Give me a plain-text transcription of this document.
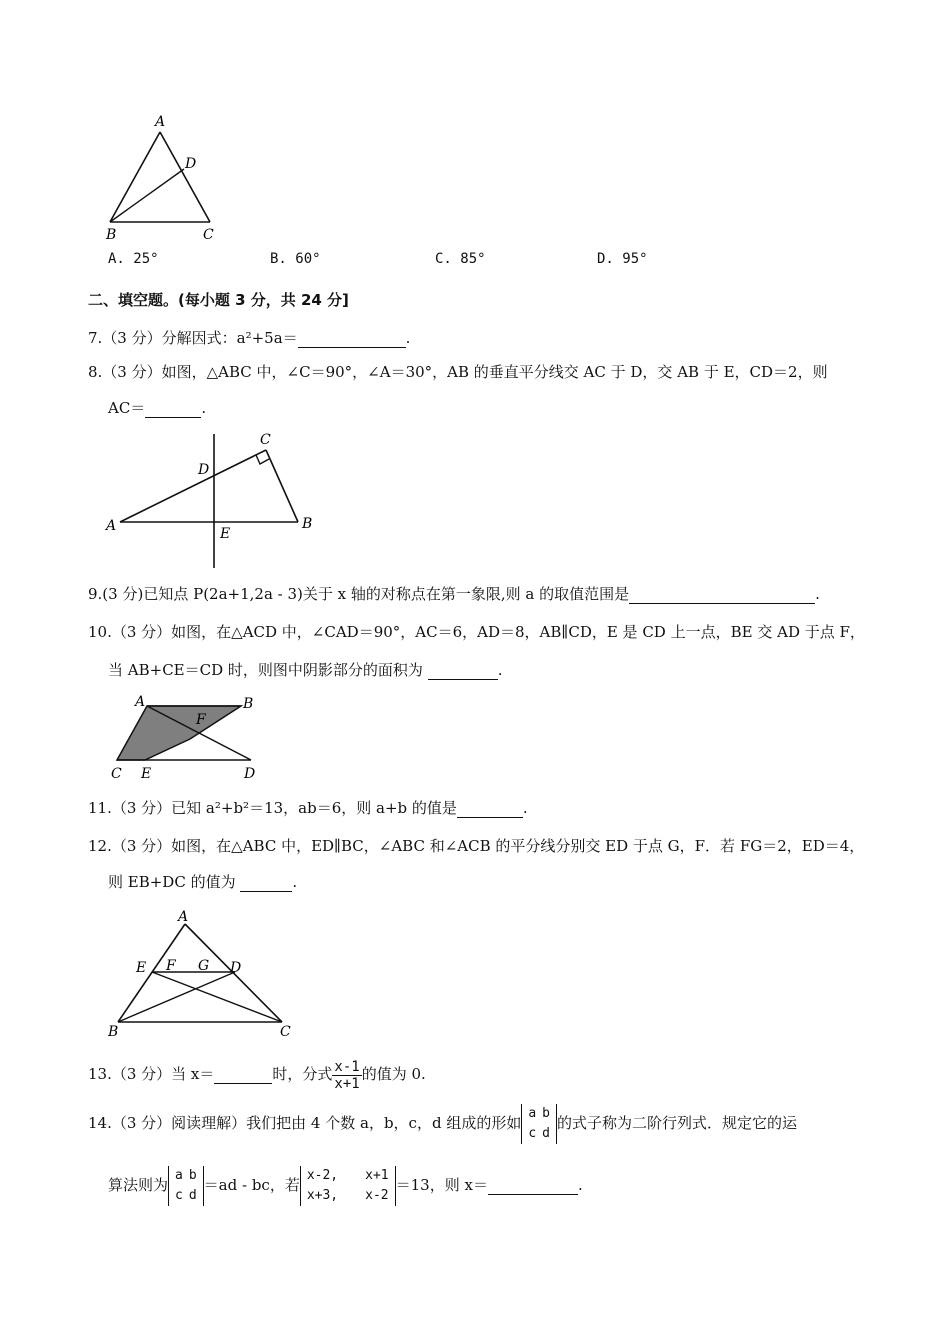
A
D
B	C
A. 25°	B. 60°	C. 85°	D. 95°
二、填空题。(每小题 3 分，共 24 分]
7.（3 分）分解因式：a²+5a＝	.
8.（3 分）如图，△ABC 中，∠C＝90°，∠A＝30°，AB 的垂直平分线交 AC 于 D，交 AB 于 E，CD＝2，则
AC＝	.
C
D
A	B
E
9.(3 分)已知点 P(2a+1,2a - 3)关于 x 轴的对称点在第一象限,则 a 的取值范围是	.
10.（3 分）如图，在△ACD 中，∠CAD＝90°，AC＝6，AD＝8，AB∥CD，E 是 CD 上一点，BE 交 AD 于点 F，
当 AB+CE＝CD 时，则图中阴影部分的面积为	.
A	B
F
C E	D
11.（3 分）已知 a²+b²＝13，ab＝6，则 a+b 的值是	.
12.（3 分）如图，在△ABC 中，ED∥BC，∠ABC 和∠ACB 的平分线分别交 ED 于点 G，F．若 FG＝2，ED＝4，
则 EB+DC 的值为	.
A
E F G D
B	C
13.（3 分）当 x＝	时，分式 $\frac{x-1}{x+1}$ 的值为 0.
14.（3 分）阅读理解）我们把由 4 个数 a，b，c，d 组成的形如
a	b
c	d
的式子称为二阶行列式．规定它的运
算法则为
a	b
c	d
＝ad - bc，若
x-2,	x+1
x+3,	x-2
＝13，则 x＝	.
